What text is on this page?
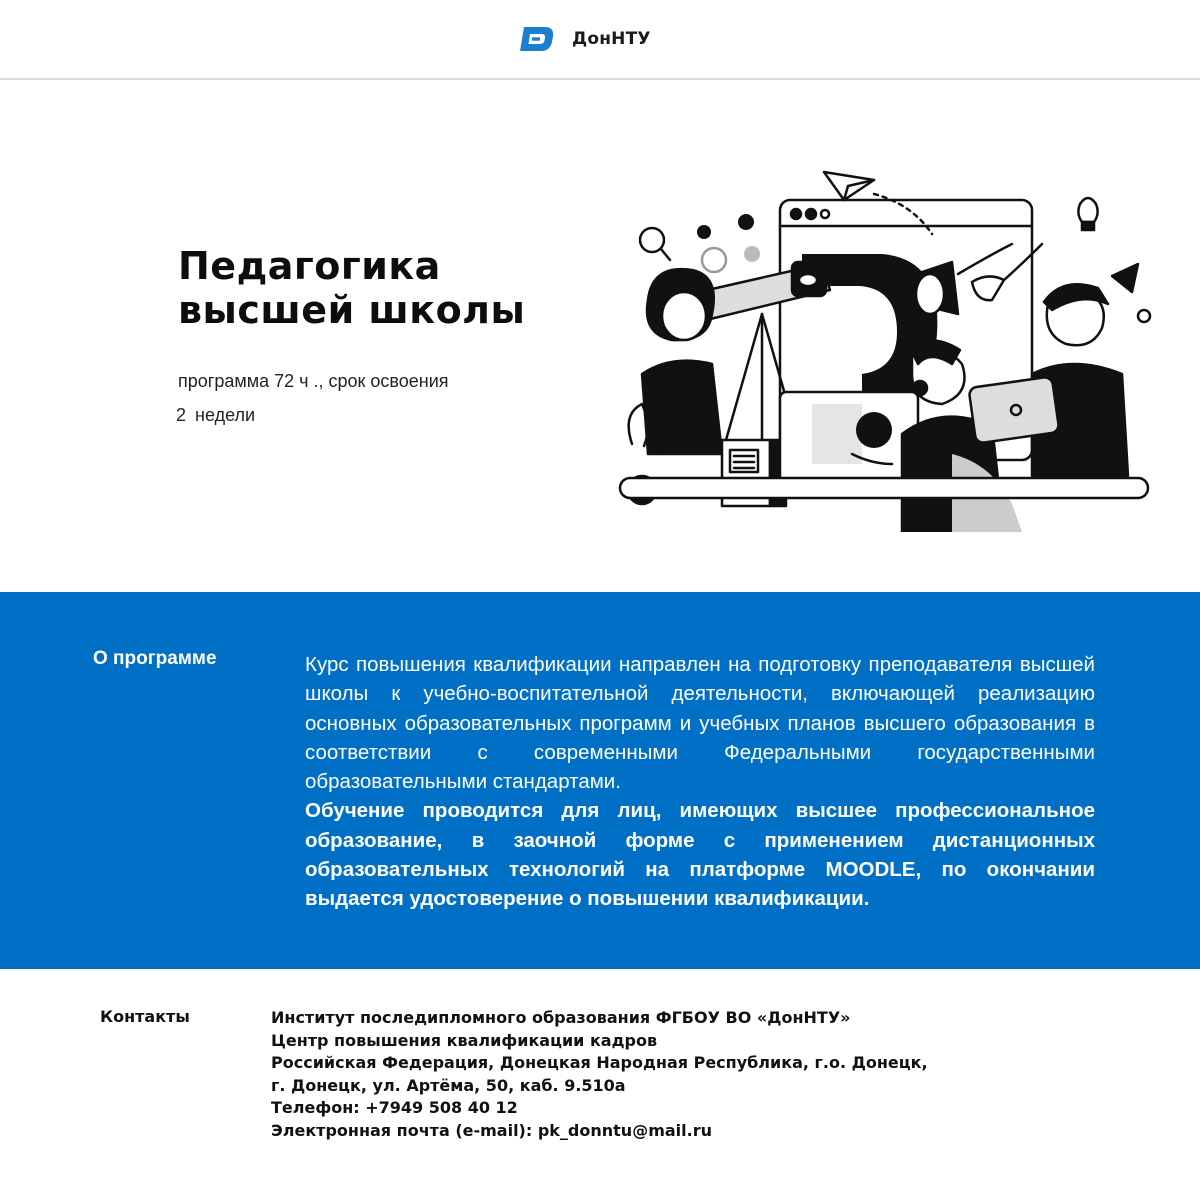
ДонНТУ
Педагогика
высшей школы
программа 72 ч ., срок освоения
2 недели
О программе	Курс повышения квалификации направлен на подготовку преподавателя высшей школы к учебно-воспитательной деятельности, включающей реализацию основных образовательных программ и учебных планов высшего образования в соответствии с современными Федеральными государственными образовательными стандартами.

Обучение проводится для лиц, имеющих высшее профессиональное образование, в заочной форме с применением дистанционных образовательных технологий на платформе MOODLE, по окончании выдается удостоверение о повышении квалификации.

Контакты	Институт последипломного образования ФГБОУ ВО «ДонНТУ»
Центр повышения квалификации кадров
Российская Федерация, Донецкая Народная Республика, г.о. Донецк,
г. Донецк, ул. Артёма, 50, каб. 9.510а
Телефон: +7949 508 40 12
Электронная почта (e-mail): pk_donntu@mail.ru
